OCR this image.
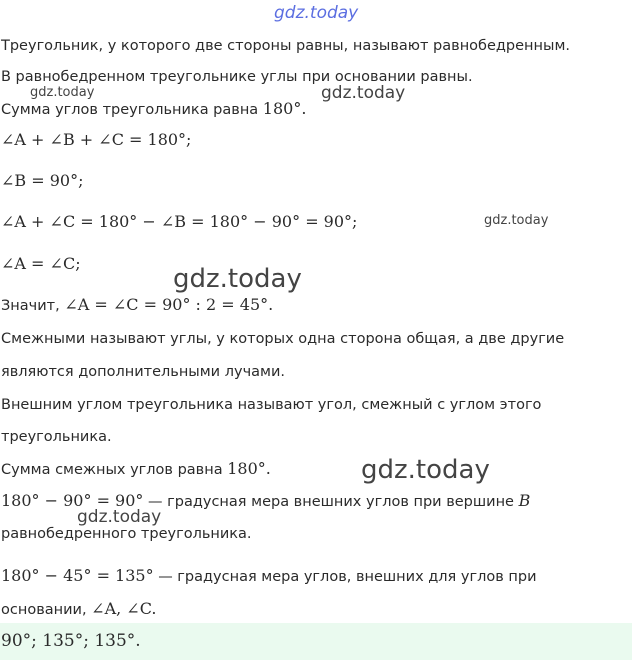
gdz.today
Треугольник, у которого две стороны равны, называют равнобедренным.
В равнобедренном треугольнике углы при основании равны.
gdz.today	gdz.today
Сумма углов треугольника равна 180°.
∠A + ∠B + ∠C = 180°;
∠B = 90°;
∠A + ∠C = 180° − ∠B = 180° − 90° = 90°;	gdz.today
∠A = ∠C;
gdz.today
Значит, ∠A = ∠C = 90° : 2 = 45°.
Смежными называют углы, у которых одна сторона общая, а две другие
являются дополнительными лучами.
Внешним углом треугольника называют угол, смежный с углом этого
треугольника.
Сумма смежных углов равна 180°.	gdz.today
180° − 90° = 90° — градусная мера внешних углов при вершине B
gdz.today
равнобедренного треугольника.
180° − 45° = 135° — градусная мера углов, внешних для углов при
основании, ∠A, ∠C.
90°; 135°; 135°.
